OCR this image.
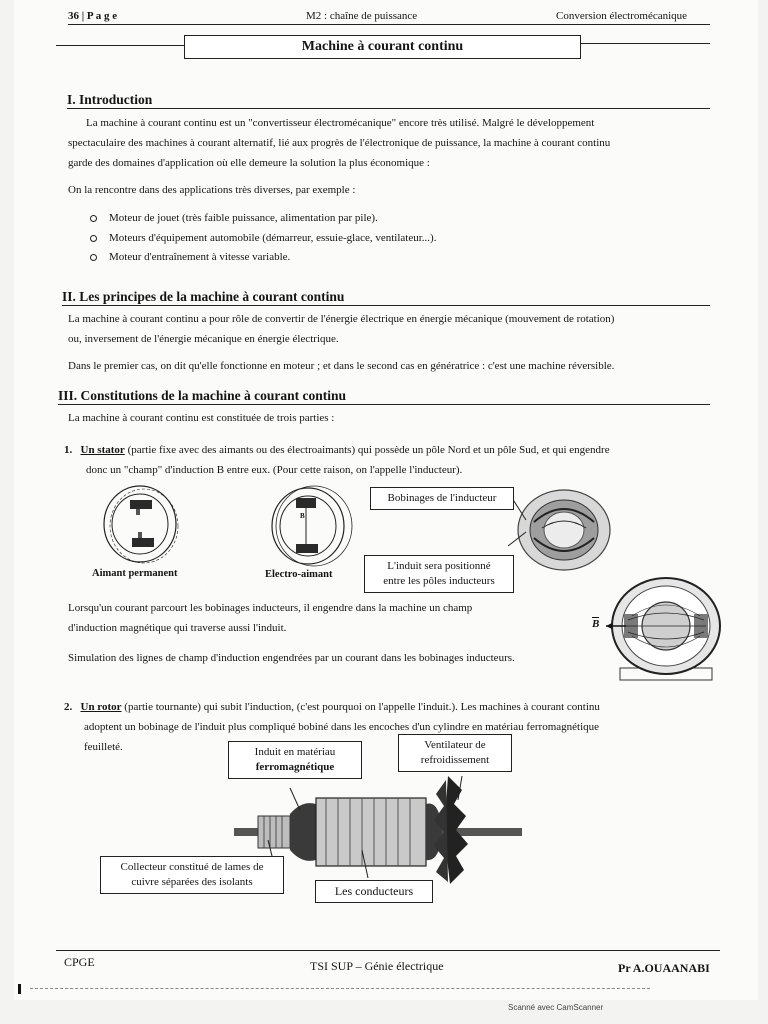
36 | P a g e	M2 : chaîne de puissance	Conversion électromécanique
Machine à courant continu
I. Introduction
La machine à courant continu est un "convertisseur électromécanique" encore très utilisé. Malgré le développement
spectaculaire des machines à courant alternatif, lié aux progrès de l'électronique de puissance, la machine à courant continu
garde des domaines d'application où elle demeure la solution la plus économique :
On la rencontre dans des applications très diverses, par exemple :
Moteur de jouet (très faible puissance, alimentation par pile).
Moteurs d'équipement automobile (démarreur, essuie-glace, ventilateur...).
Moteur d'entraînement à vitesse variable.
II. Les principes de la machine à courant continu
La machine à courant continu a pour rôle de convertir de l'énergie électrique en énergie mécanique (mouvement de rotation)
ou, inversement de l'énergie mécanique en énergie électrique.
Dans le premier cas, on dit qu'elle fonctionne en moteur ; et dans le second cas en génératrice : c'est une machine réversible.
III. Constitutions de la machine à courant continu
La machine à courant continu est constituée de trois parties :
1. Un stator (partie fixe avec des aimants ou des électroaimants) qui possède un pôle Nord et un pôle Sud, et qui engendre
donc un "champ" d'induction B entre eux. (Pour cette raison, on l'appelle l'inducteur).
Aimant permanent
B
Electro-aimant
Bobinages de l'inducteur
L'induit sera positionné
entre les pôles inducteurs
Lorsqu'un courant parcourt les bobinages inducteurs, il engendre dans la machine un champ
d'induction magnétique qui traverse aussi l'induit.
Simulation des lignes de champ d'induction engendrées par un courant dans les bobinages inducteurs.
B
2. Un rotor (partie tournante) qui subit l'induction, (c'est pourquoi on l'appelle l'induit.). Les machines à courant continu
adoptent un bobinage de l'induit plus compliqué bobiné dans les encoches d'un cylindre en matériau ferromagnétique
feuilleté.	Induit en matériau
ferromagnétique
Ventilateur de
refroidissement
Collecteur constitué de lames de
cuivre séparées des isolants
Les conducteurs
CPGE	TSI SUP – Génie électrique	Pr A.OUAANABI
Scanné avec CamScanner
